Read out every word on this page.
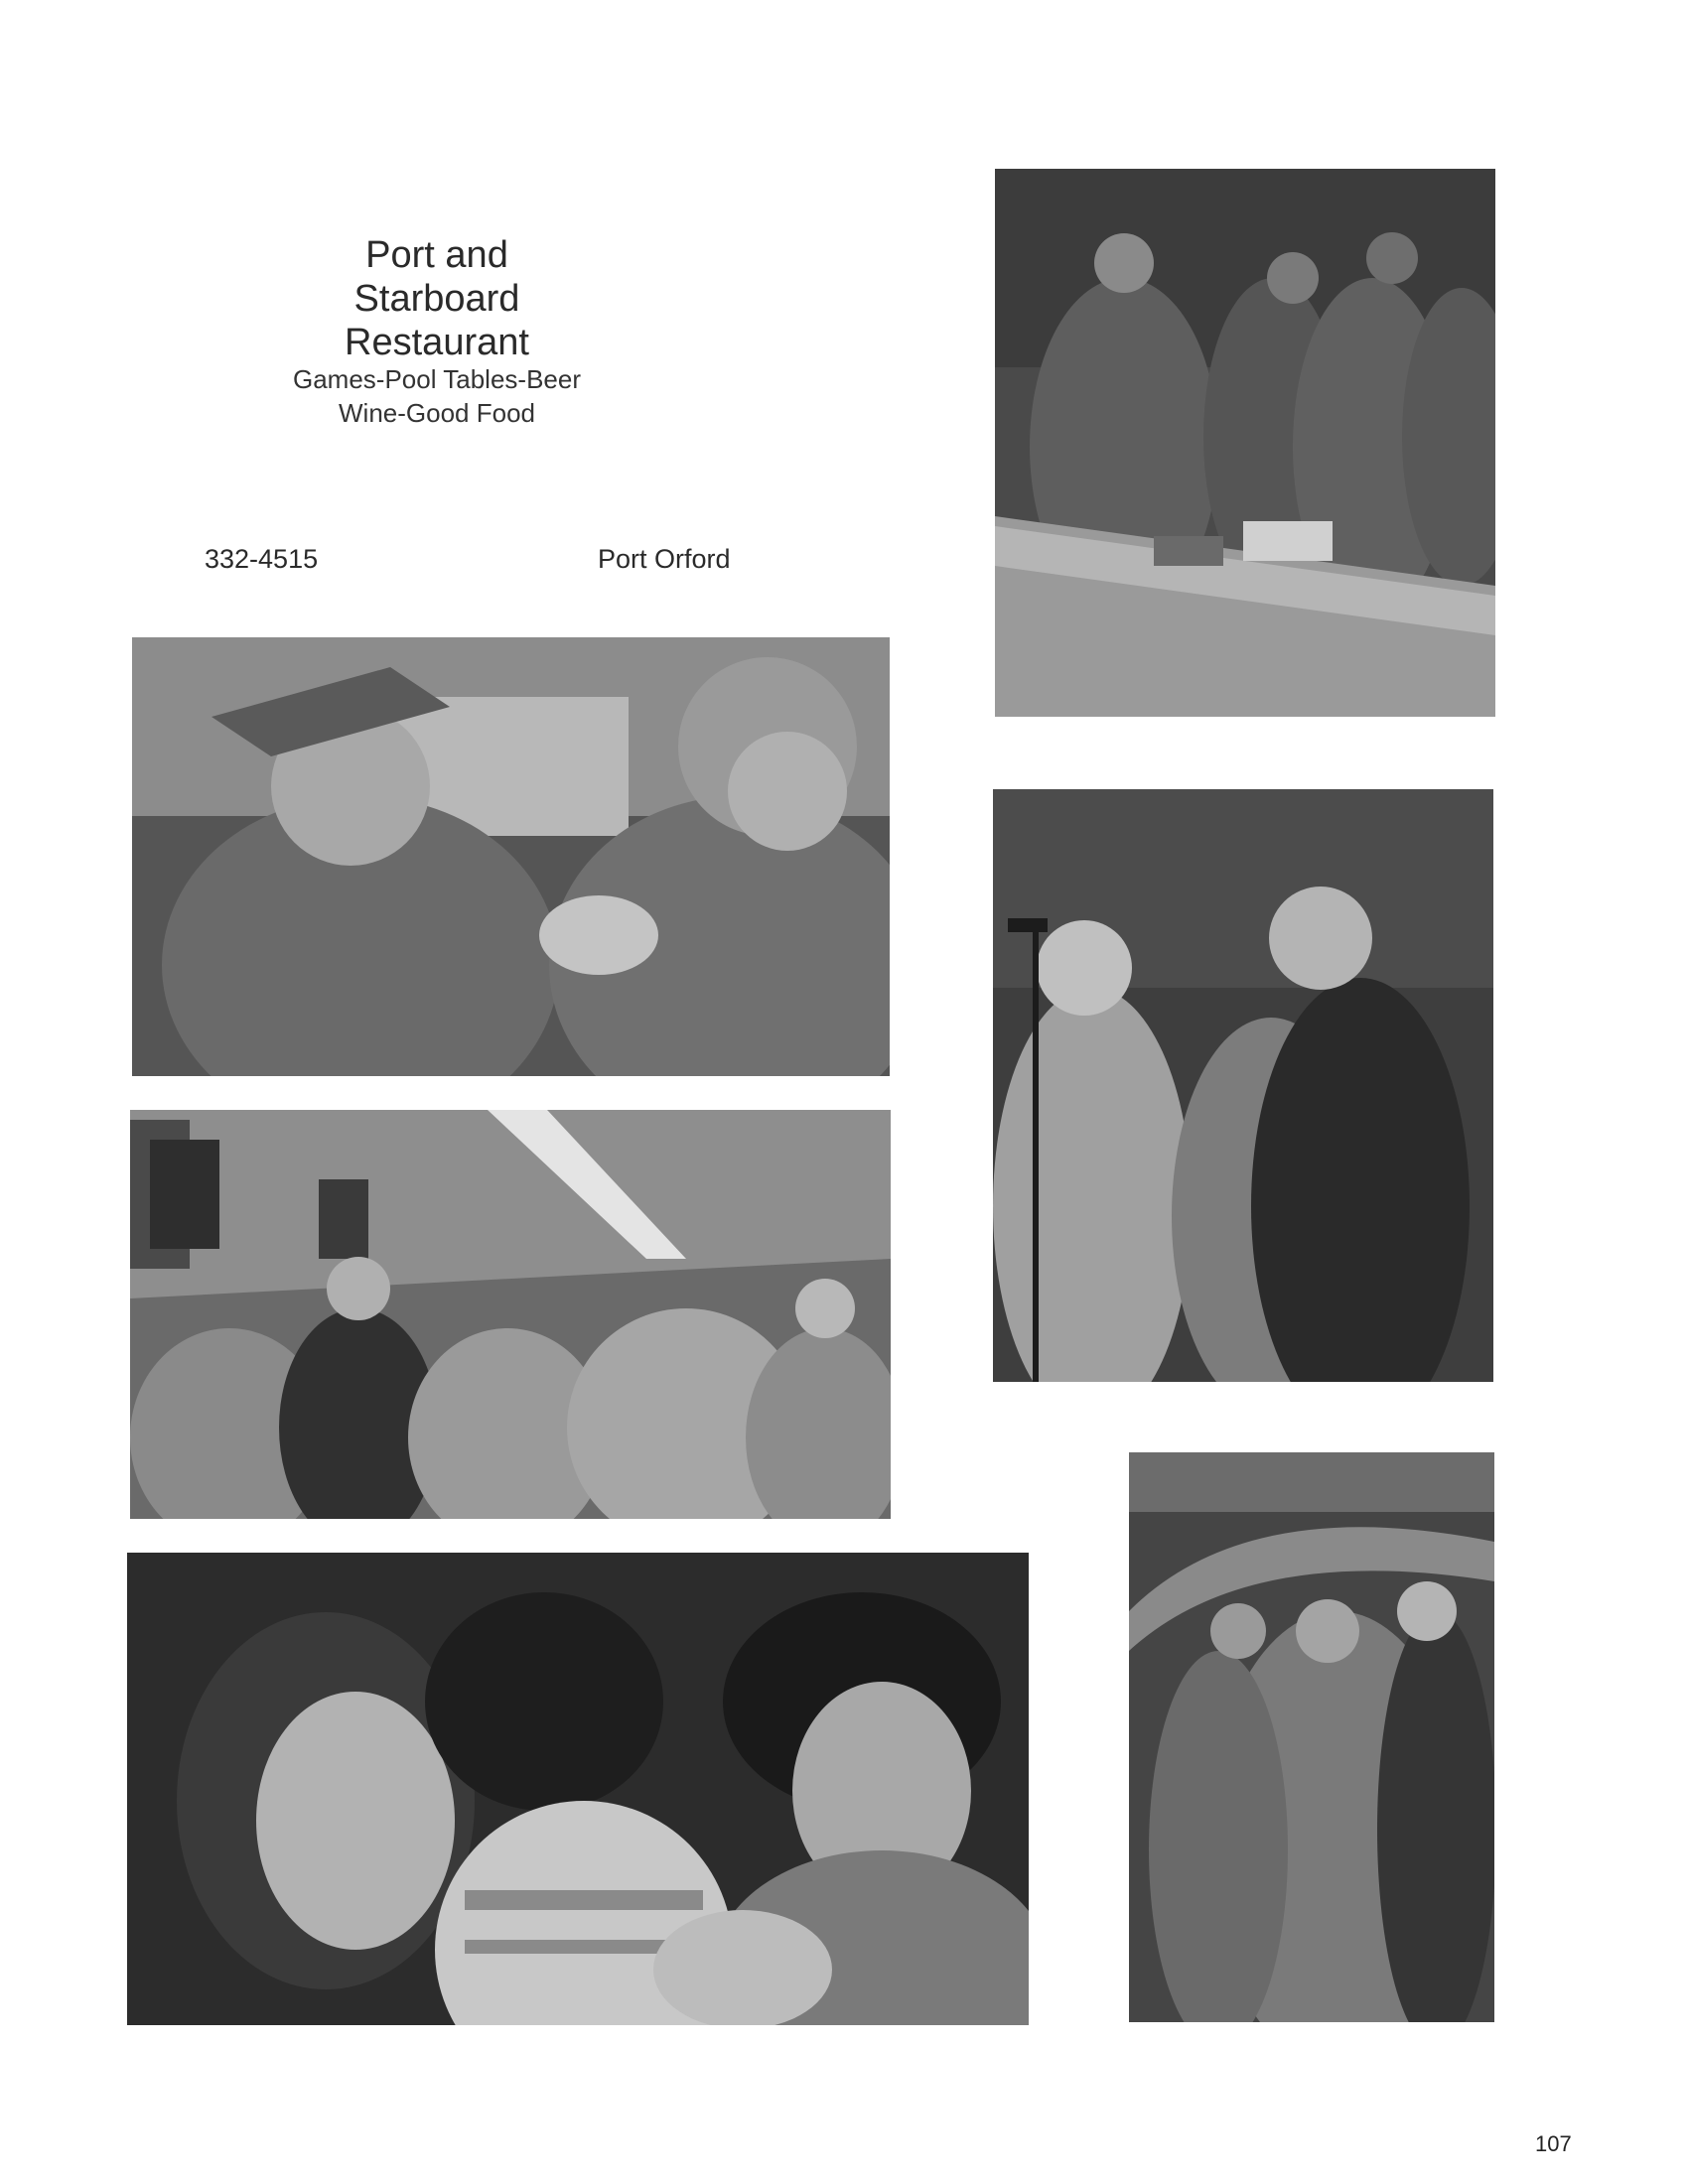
Port and Starboard
Restaurant
Games-Pool Tables-Beer
Wine-Good Food
332-4515	Port Orford
107
